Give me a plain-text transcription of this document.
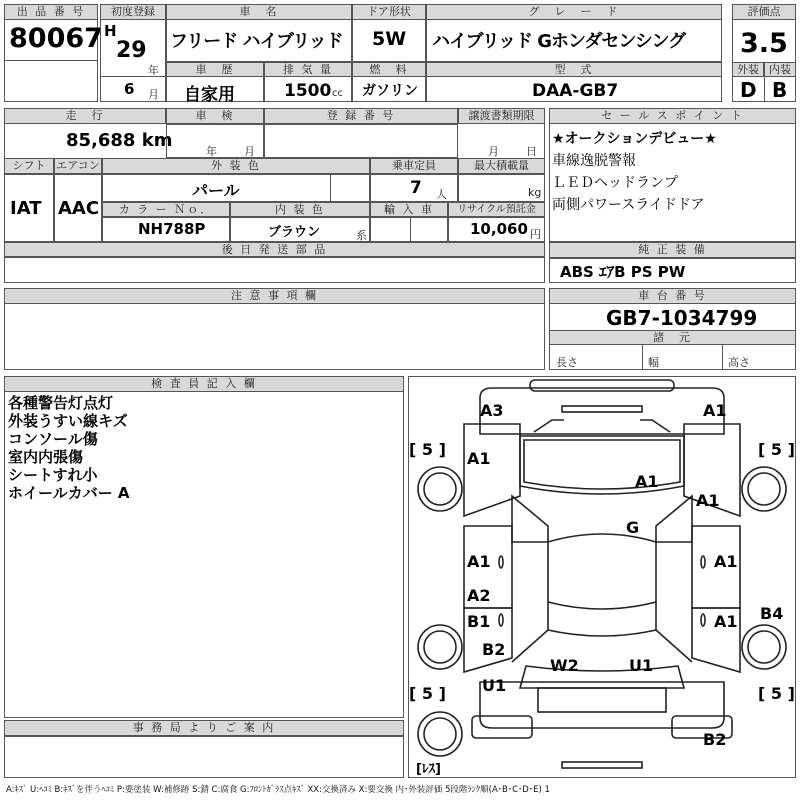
出 品 番 号
80067
初度登録
H
29
年
6 月
車　名
フリード ハイブリッド
ドア形状
5W
グ　レ　ー　ド
ハイブリッド Gホンダセンシング
評価点
3.5
外装 内装
D B
車　歴
自家用
排 気 量
1500 cc
燃　料
ガソリン
型　式
DAA-GB7
走　行
85,688 km
車　検
年 月
登 録 番 号	譲渡書類期限
月 日
シフト
IAT
エアコン
AAC
外 装 色
パール
カ ラ ー Ｎｏ．
NH788P
内 装 色
ブラウン	系
乗車定員
7 人
最大積載量
kg
輸 入 車	リサイクル預託金
10,060 円
後 日 発 送 部 品
セ ー ル ス ポ イ ン ト
★オークションデビュー★
車線逸脱警報
ＬＥＤヘッドランプ
両側パワースライドドア
純 正 装 備
ABS ｴｱB PS PW
注 意 事 項 欄	車 台 番 号
GB7-1034799
諸　元
長さ	幅	高さ
検 査 員 記 入 欄
各種警告灯点灯
外装うすい線キズ
コンソール傷
室内内張傷
シートすれ小
ホイールカバー A
事 務 局 よ り ご 案 内
[ 5 ]	[ 5 ]
[ 5 ]	[ 5 ]
[ﾚｽ]
A3	A1
A1
A1
A1
G
A1	A1
A2
B1	A1 B4
B2
W2	U1
U1
B2
A:ｷｽﾞ U:ﾍｺﾐ B:ｷｽﾞを伴うﾍｺﾐ P:要塗装 W:補修跡 S:錆 C:腐食 G:ﾌﾛﾝﾄｶﾞﾗｽ点ｷｽﾞ XX:交換済み X:要交換 内･外装評価 5段階ﾗﾝｸ順(A･B･C･D･E) 1
